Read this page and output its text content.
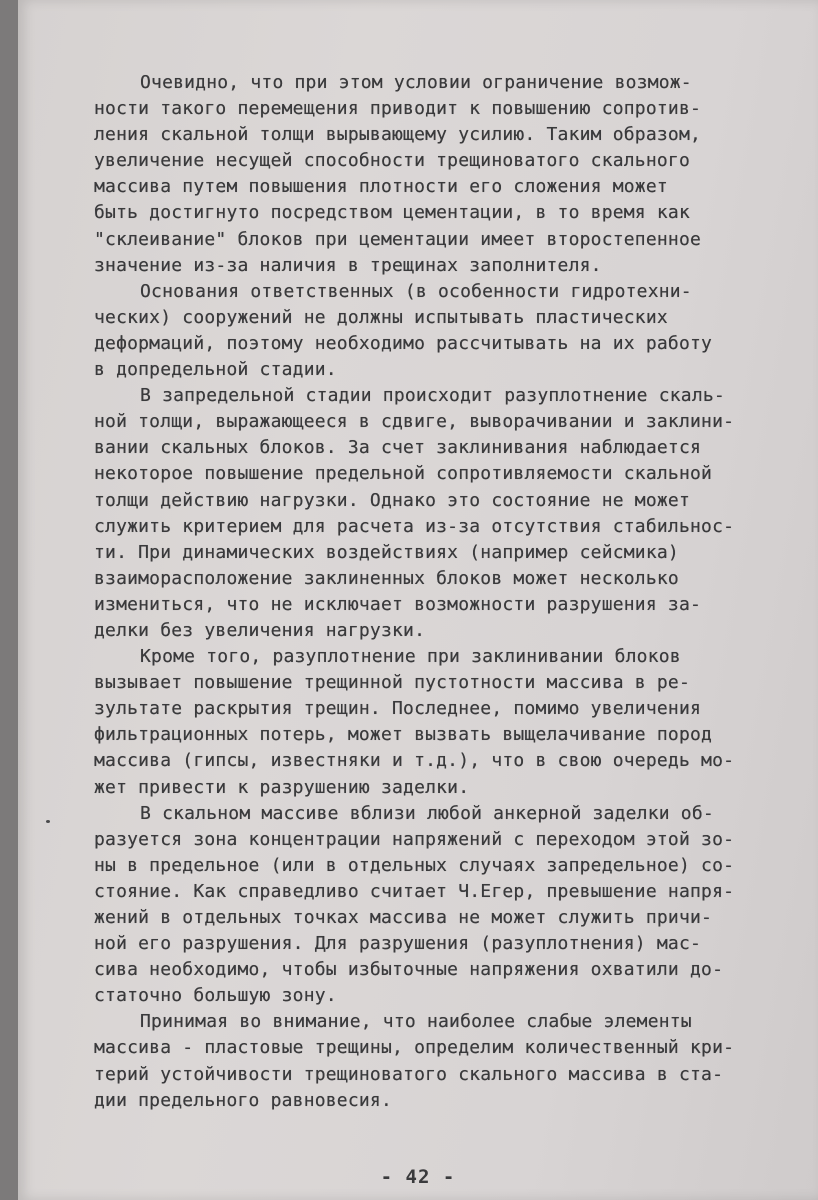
Очевидно, что при этом условии ограничение возмож-
ности такого перемещения приводит к повышению сопротив-
ления скальной толщи вырывающему усилию. Таким образом,
увеличение несущей способности трещиноватого скального
массива путем повышения плотности его сложения может
быть достигнуто посредством цементации, в то время как
"склеивание" блоков при цементации имеет второстепенное
значение из-за наличия в трещинах заполнителя.

Основания ответственных (в особенности гидротехни-
ческих) сооружений не должны испытывать пластических
деформаций, поэтому необходимо рассчитывать на их работу
в допредельной стадии.

В запредельной стадии происходит разуплотнение скаль-
ной толщи, выражающееся в сдвиге, выворачивании и заклини-
вании скальных блоков. За счет заклинивания наблюдается
некоторое повышение предельной сопротивляемости скальной
толщи действию нагрузки. Однако это состояние не может
служить критерием для расчета из-за отсутствия стабильнос-
ти. При динамических воздействиях (например сейсмика)
взаиморасположение заклиненных блоков может несколько
измениться, что не исключает возможности разрушения за-
делки без увеличения нагрузки.

Кроме того, разуплотнение при заклинивании блоков
вызывает повышение трещинной пустотности массива в ре-
зультате раскрытия трещин. Последнее, помимо увеличения
фильтрационных потерь, может вызвать выщелачивание пород
массива (гипсы, известняки и т.д.), что в свою очередь мо-
жет привести к разрушению заделки.

В скальном массиве вблизи любой анкерной заделки об-
разуется зона концентрации напряжений с переходом этой зо-
ны в предельное (или в отдельных случаях запредельное) со-
стояние. Как справедливо считает Ч.Егер, превышение напря-
жений в отдельных точках массива не может служить причи-
ной его разрушения. Для разрушения (разуплотнения) мас-
сива необходимо, чтобы избыточные напряжения охватили до-
статочно большую зону.

Принимая во внимание, что наиболее слабые элементы
массива - пластовые трещины, определим количественный кри-
терий устойчивости трещиноватого скального массива в ста-
дии предельного равновесия.

- 42 -
